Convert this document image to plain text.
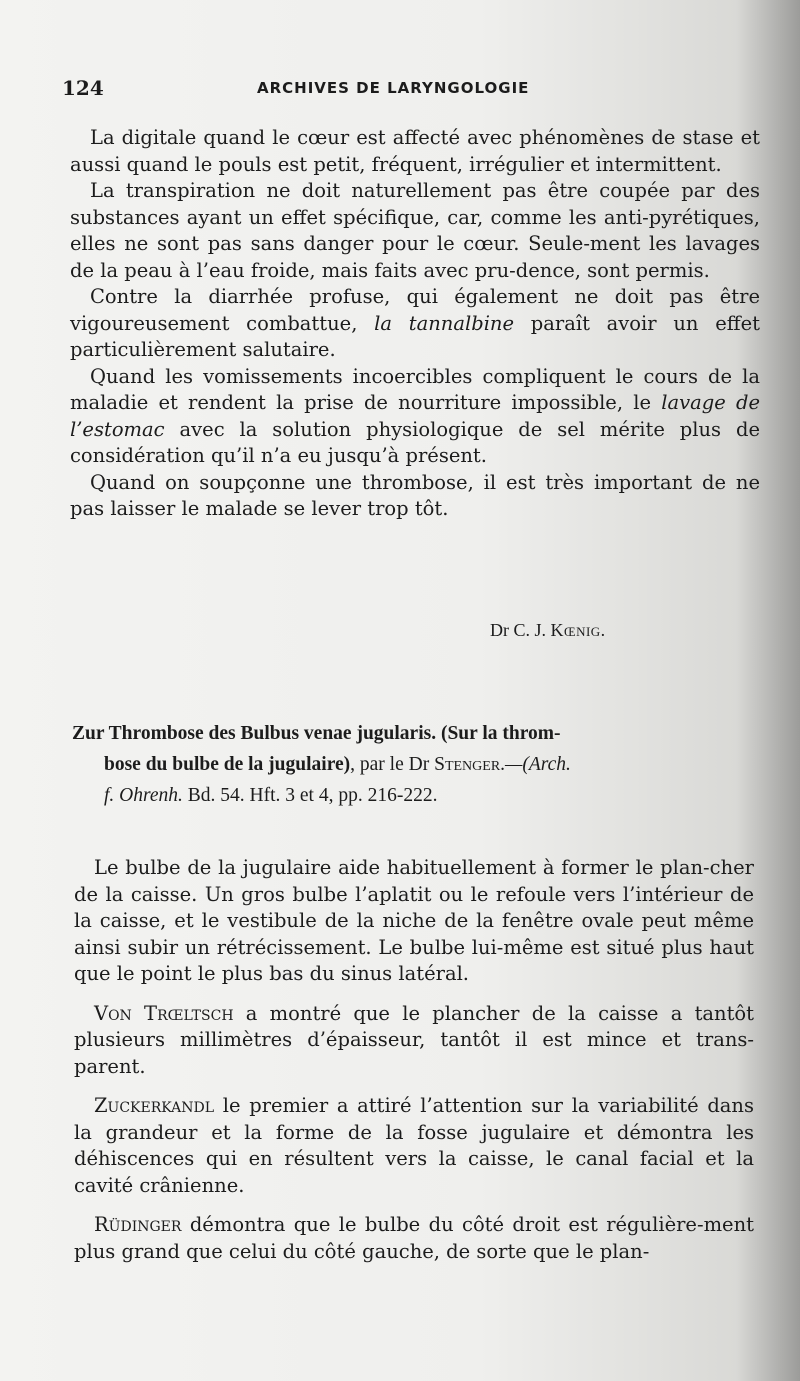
124	ARCHIVES DE LARYNGOLOGIE

La digitale quand le cœur est affecté avec phénomènes de stase et aussi quand le pouls est petit, fréquent, irrégulier et intermittent.

La transpiration ne doit naturellement pas être coupée par des substances ayant un effet spécifique, car, comme les anti-pyrétiques, elles ne sont pas sans danger pour le cœur. Seule-ment les lavages de la peau à l’eau froide, mais faits avec pru-dence, sont permis.

Contre la diarrhée profuse, qui également ne doit pas être vigoureusement combattue, la tannalbine paraît avoir un effet particulièrement salutaire.

Quand les vomissements incoercibles compliquent le cours de la maladie et rendent la prise de nourriture impossible, le lavage de l’estomac avec la solution physiologique de sel mérite plus de considération qu’il n’a eu jusqu’à présent.

Quand on soupçonne une thrombose, il est très important de ne pas laisser le malade se lever trop tôt.

Dr C. J. Kœnig.
Zur Thrombose des Bulbus venae jugularis. (Sur la throm-
bose du bulbe de la jugulaire), par le Dr Stenger.—(Arch.
f. Ohrenh. Bd. 54. Hft. 3 et 4, pp. 216-222.

Le bulbe de la jugulaire aide habituellement à former le plan-cher de la caisse. Un gros bulbe l’aplatit ou le refoule vers l’intérieur de la caisse, et le vestibule de la niche de la fenêtre ovale peut même ainsi subir un rétrécissement. Le bulbe lui-même est situé plus haut que le point le plus bas du sinus latéral.

Von Trœltsch a montré que le plancher de la caisse a tantôt plusieurs millimètres d’épaisseur, tantôt il est mince et trans-parent.

Zuckerkandl le premier a attiré l’attention sur la variabilité dans la grandeur et la forme de la fosse jugulaire et démontra les déhiscences qui en résultent vers la caisse, le canal facial et la cavité crânienne.

Rüdinger démontra que le bulbe du côté droit est régulière-ment plus grand que celui du côté gauche, de sorte que le plan-
